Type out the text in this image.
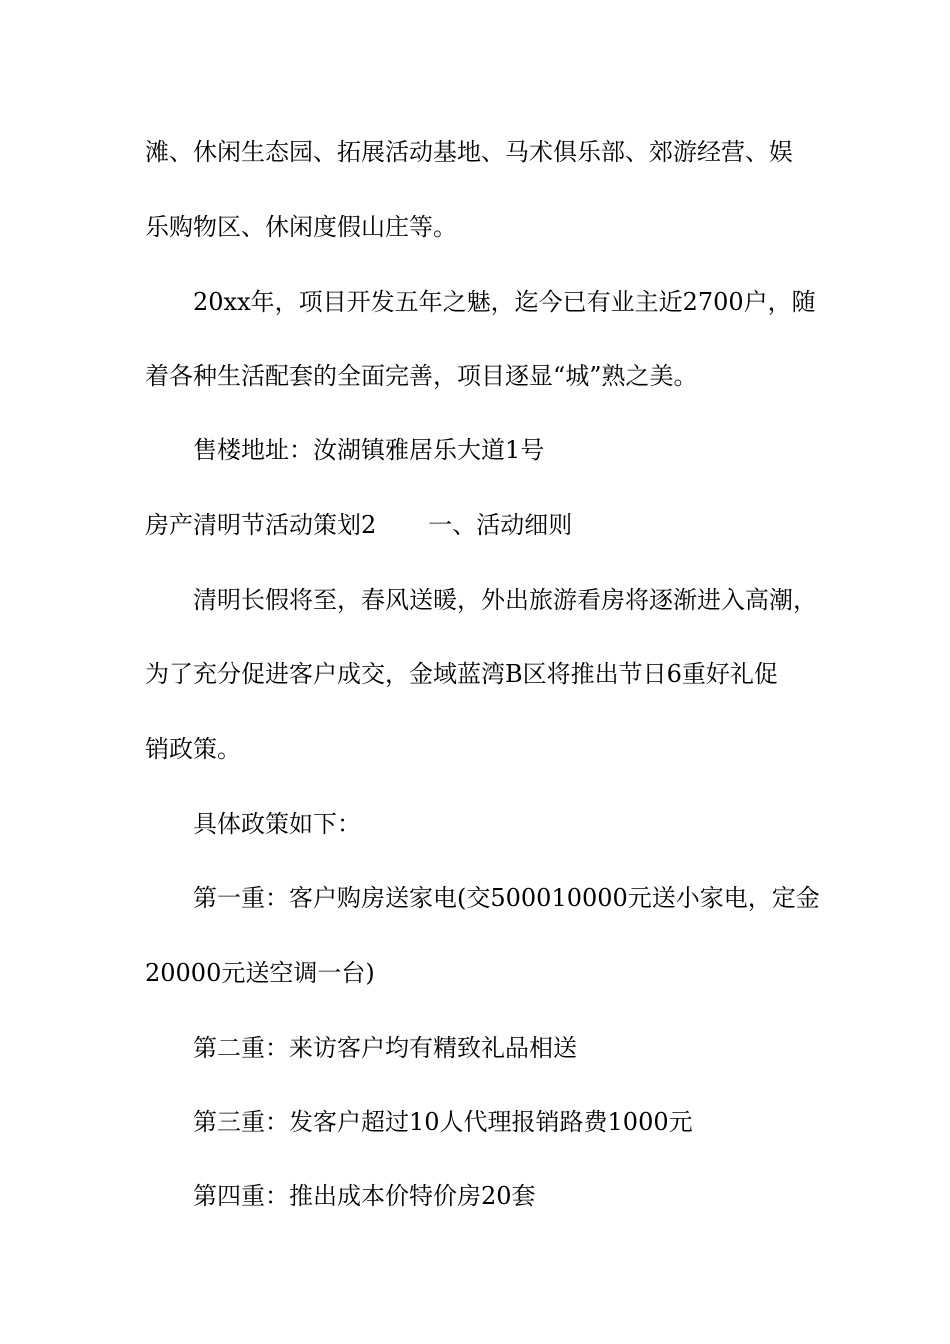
滩、休闲生态园、拓展活动基地、马术俱乐部、郊游经营、娱
乐购物区、休闲度假山庄等。
20xx年，项目开发五年之魅，迄今已有业主近2700户，随
着各种生活配套的全面完善，项目逐显“城”熟之美。
售楼地址：汝湖镇雅居乐大道1号
房产清明节活动策划2 一、活动细则
清明长假将至，春风送暖，外出旅游看房将逐渐进入高潮，
为了充分促进客户成交，金域蓝湾B区将推出节日6重好礼促
销政策。
具体政策如下：
第一重：客户购房送家电(交500010000元送小家电，定金
20000元送空调一台)
第二重：来访客户均有精致礼品相送
第三重：发客户超过10人代理报销路费1000元
第四重：推出成本价特价房20套
